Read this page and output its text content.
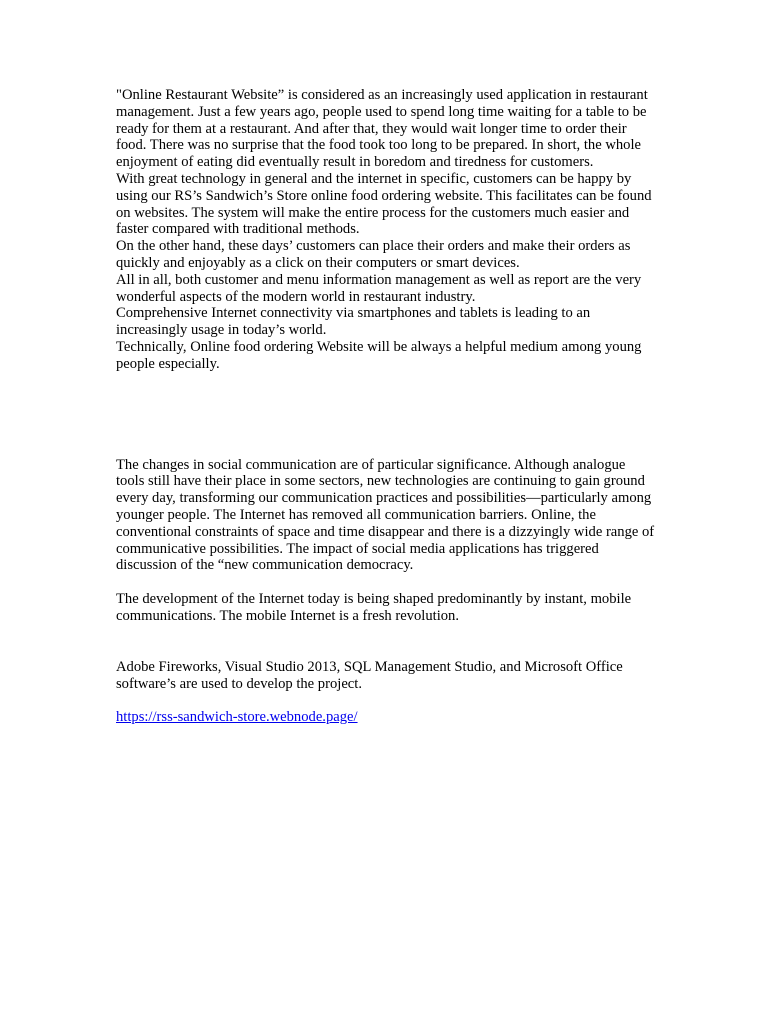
"Online Restaurant Website” is considered as an increasingly used application in restaurant management. Just a few years ago, people used to spend long time waiting for a table to be ready for them at a restaurant. And after that, they would wait longer time to order their food. There was no surprise that the food took too long to be prepared. In short, the whole enjoyment of eating did eventually result in boredom and tiredness for customers.

With great technology in general and the internet in specific, customers can be happy by using our RS’s Sandwich’s Store online food ordering website. This facilitates can be found on websites. The system will make the entire process for the customers much easier and faster compared with traditional methods.

On the other hand, these days’ customers can place their orders and make their orders as quickly and enjoyably as a click on their computers or smart devices.

All in all, both customer and menu information management as well as report are the very wonderful aspects of the modern world in restaurant industry.

Comprehensive Internet connectivity via smartphones and tablets is leading to an increasingly usage in today’s world.

Technically, Online food ordering Website will be always a helpful medium among young people especially.

The changes in social communication are of particular significance. Although analogue tools still have their place in some sectors, new technologies are continuing to gain ground every day, transforming our communication practices and possibilities—particularly among younger people. The Internet has removed all communication barriers. Online, the conventional constraints of space and time disappear and there is a dizzyingly wide range of communicative possibilities. The impact of social media applications has triggered discussion of the “new communication democracy.

The development of the Internet today is being shaped predominantly by instant, mobile communications. The mobile Internet is a fresh revolution.

Adobe Fireworks, Visual Studio 2013, SQL Management Studio, and Microsoft Office software’s are used to develop the project.

https://rss-sandwich-store.webnode.page/
